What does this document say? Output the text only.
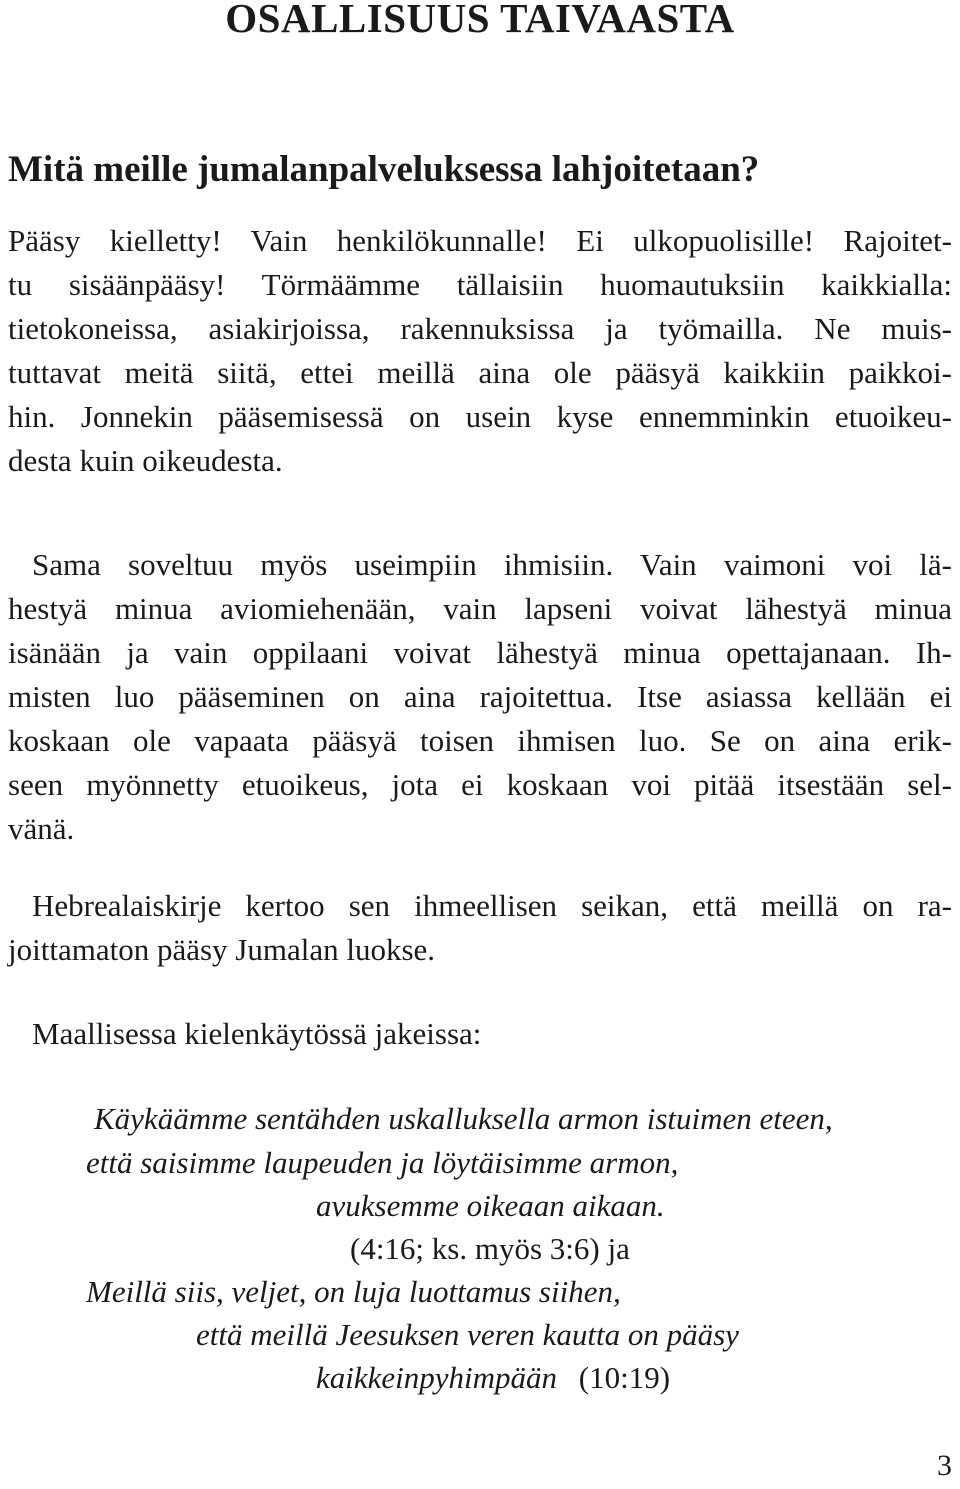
OSALLISUUS TAIVAASTA
Mitä meille jumalanpalveluksessa lahjoitetaan?
Pääsy kielletty! Vain henkilökunnalle! Ei ulkopuolisille! Rajoitet-
tu sisäänpääsy! Törmäämme tällaisiin huomautuksiin kaikkialla:
tietokoneissa, asiakirjoissa, rakennuksissa ja työmailla. Ne muis-
tuttavat meitä siitä, ettei meillä aina ole pääsyä kaikkiin paikkoi-
hin. Jonnekin pääsemisessä on usein kyse ennemminkin etuoikeu-
desta kuin oikeudesta.
Sama soveltuu myös useimpiin ihmisiin. Vain vaimoni voi lä-
hestyä minua aviomiehenään, vain lapseni voivat lähestyä minua
isänään ja vain oppilaani voivat lähestyä minua opettajanaan. Ih-
misten luo pääseminen on aina rajoitettua. Itse asiassa kellään ei
koskaan ole vapaata pääsyä toisen ihmisen luo. Se on aina erik-
seen myönnetty etuoikeus, jota ei koskaan voi pitää itsestään sel-
vänä.
Hebrealaiskirje kertoo sen ihmeellisen seikan, että meillä on ra-
joittamaton pääsy Jumalan luokse.
Maallisessa kielenkäytössä jakeissa:
Käykäämme sentähden uskalluksella armon istuimen eteen,
että saisimme laupeuden ja löytäisimme armon,
avuksemme oikeaan aikaan.
(4:16; ks. myös 3:6) ja
Meillä siis, veljet, on luja luottamus siihen,
että meillä Jeesuksen veren kautta on pääsy
kaikkeinpyhimpään (10:19)
3
